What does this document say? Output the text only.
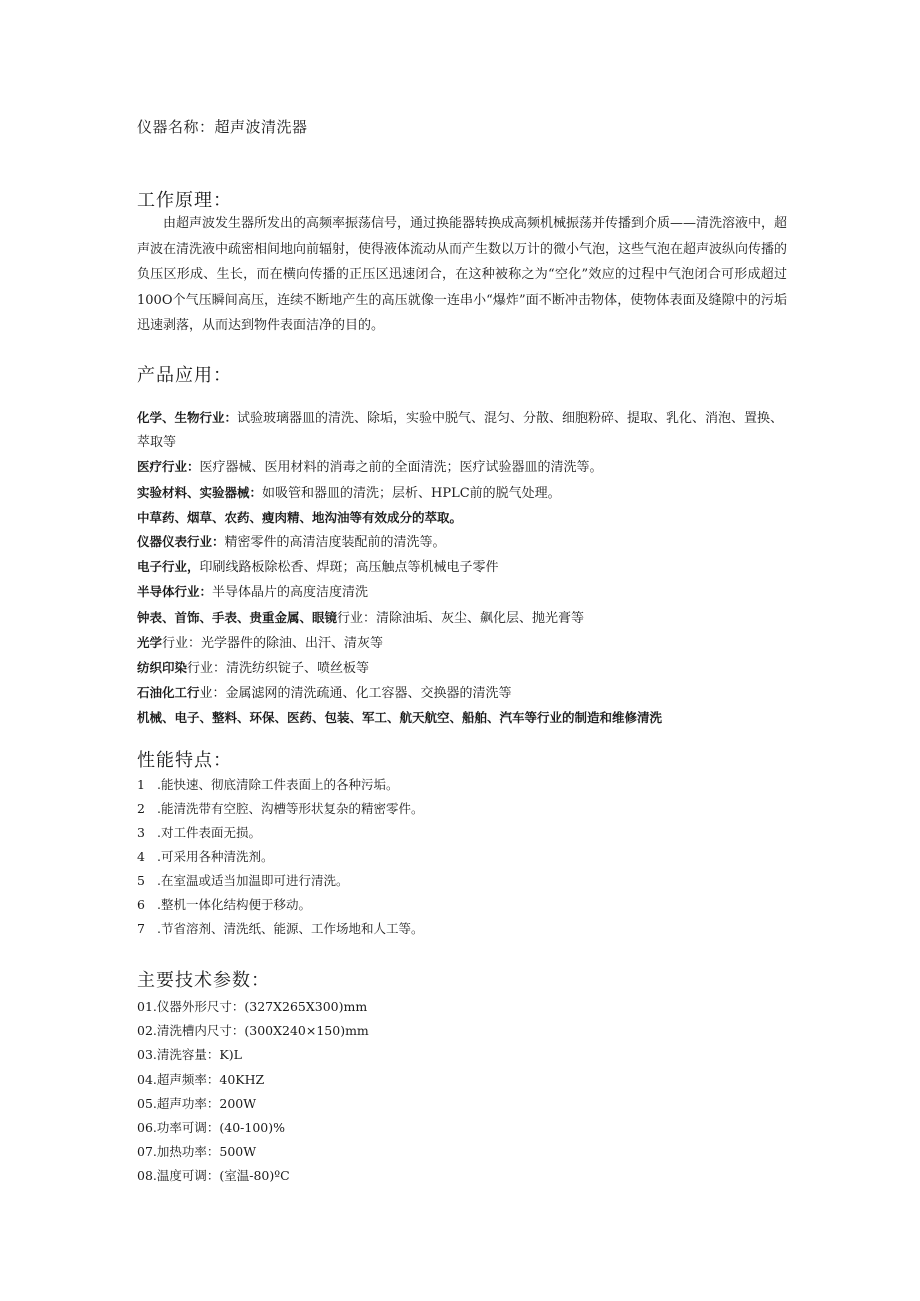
仪器名称：超声波清洗器
工作原理：
由超声波发生器所发出的高频率振荡信号，通过换能器转换成高频机械振荡并传播到介质——清洗溶液中，超声波在清洗液中疏密相间地向前辐射，使得液体流动从而产生数以万计的微小气泡，这些气泡在超声波纵向传播的负压区形成、生长，而在横向传播的正压区迅速闭合，在这种被称之为“空化”效应的过程中气泡闭合可形成超过100O个气压瞬间高压，连续不断地产生的高压就像一连串小“爆炸”面不断冲击物体，使物体表面及缝隙中的污垢迅速剥落，从而达到物件表面洁净的目的。
产品应用：
化学、生物行业：试验玻璃器皿的清洗、除垢，实验中脱气、混匀、分散、细胞粉碎、提取、乳化、消泡、置换、萃取等
医疗行业：医疗器械、医用材料的消毒之前的全面清洗；医疗试验器皿的清洗等。
实验材料、实验器械：如吸管和器皿的清洗；层析、HPLC前的脱气处理。
中草药、烟草、农药、瘦肉精、地沟油等有效成分的萃取。
仪器仪表行业：精密零件的高清洁度装配前的清洗等。
电子行业，印刷线路板除松香、焊斑；高压触点等机械电子零件
半导体行业：半导体晶片的高度洁度清洗
钟表、首饰、手表、贵重金属、眼镜行业：清除油垢、灰尘、飙化层、抛光膏等
光学行业：光学器件的除油、出汗、清灰等
纺织印染行业：清洗纺织锭子、喷丝板等
石油化工行业：金属滤网的清洗疏通、化工容器、交换器的清洗等
机械、电子、整料、环保、医药、包装、军工、航天航空、船舶、汽车等行业的制造和维修清洗
性能特点：
1 .能快速、彻底清除工件表面上的各种污垢。
2 .能清洗带有空腔、沟槽等形状复杂的精密零件。
3 .对工件表面无损。
4 .可采用各种清洗剂。
5 .在室温或适当加温即可进行清洗。
6 .整机一体化结构便于移动。
7 .节省溶剂、清洗纸、能源、工作场地和人工等。
主要技术参数：
01.仪器外形尺寸：(327X265X300)mm
02.清洗槽内尺寸：(300X240×150)mm
03.清洗容量：K)L
04.超声频率：40KHZ
05.超声功率：200W
06.功率可调：(40-100)%
07.加热功率：500W
08.温度可调：(室温-80)ºC
